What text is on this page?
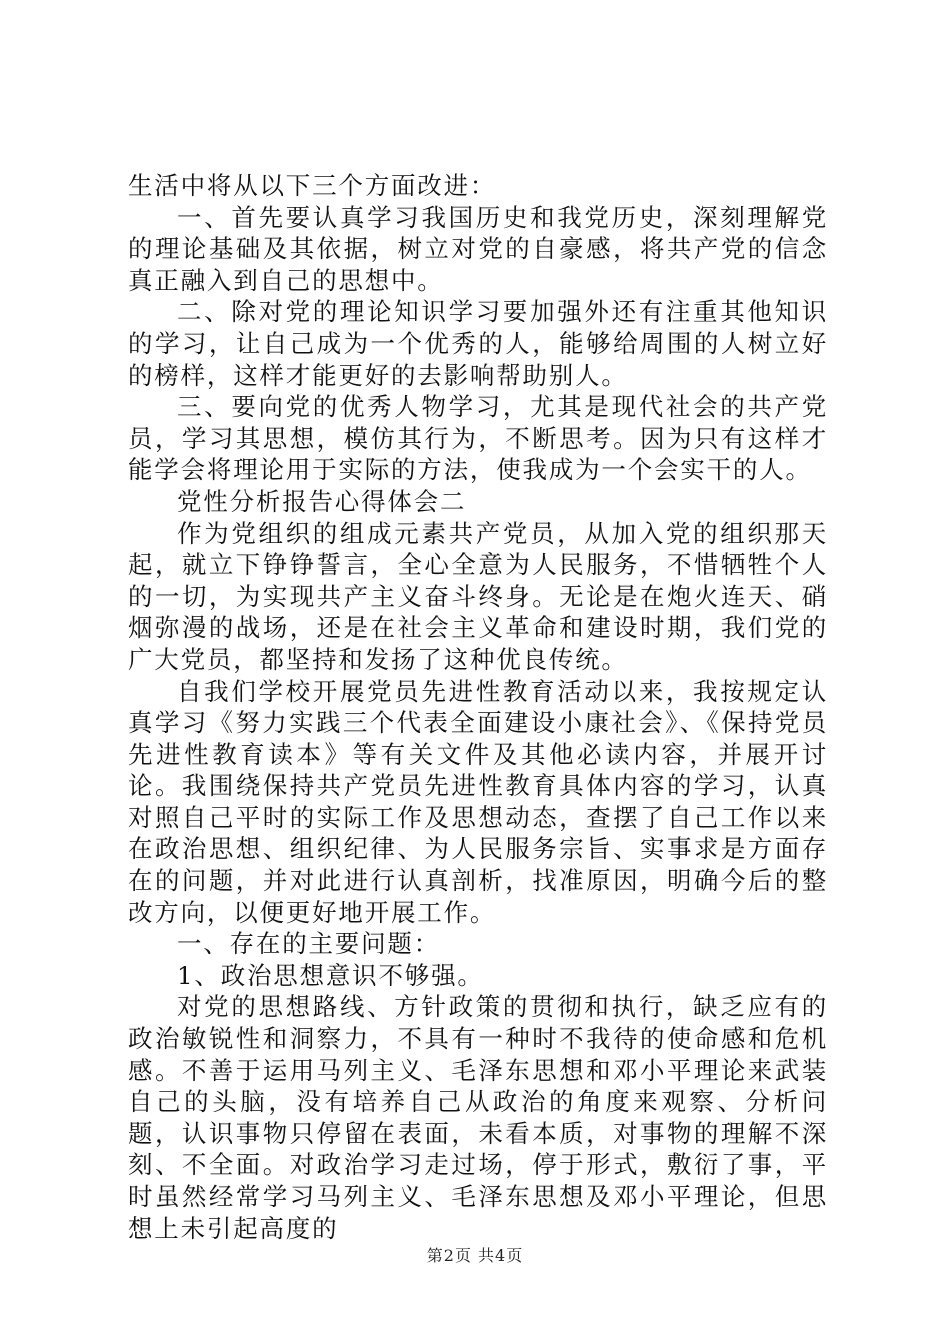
生活中将从以下三个方面改进：

一、首先要认真学习我国历史和我党历史，深刻理解党的理论基础及其依据，树立对党的自豪感，将共产党的信念真正融入到自己的思想中。

二、除对党的理论知识学习要加强外还有注重其他知识的学习，让自己成为一个优秀的人，能够给周围的人树立好的榜样，这样才能更好的去影响帮助别人。

三、要向党的优秀人物学习，尤其是现代社会的共产党员，学习其思想，模仿其行为，不断思考。因为只有这样才能学会将理论用于实际的方法，使我成为一个会实干的人。

党性分析报告心得体会二

作为党组织的组成元素共产党员，从加入党的组织那天起，就立下铮铮誓言，全心全意为人民服务，不惜牺牲个人的一切，为实现共产主义奋斗终身。无论是在炮火连天、硝烟弥漫的战场，还是在社会主义革命和建设时期，我们党的广大党员，都坚持和发扬了这种优良传统。

自我们学校开展党员先进性教育活动以来，我按规定认真学习《努力实践三个代表全面建设小康社会》、《保持党员先进性教育读本》等有关文件及其他必读内容，并展开讨论。我围绕保持共产党员先进性教育具体内容的学习，认真对照自己平时的实际工作及思想动态，查摆了自己工作以来在政治思想、组织纪律、为人民服务宗旨、实事求是方面存在的问题，并对此进行认真剖析，找准原因，明确今后的整改方向，以便更好地开展工作。

一、存在的主要问题：

1、政治思想意识不够强。

对党的思想路线、方针政策的贯彻和执行，缺乏应有的政治敏锐性和洞察力，不具有一种时不我待的使命感和危机感。不善于运用马列主义、毛泽东思想和邓小平理论来武装自己的头脑，没有培养自己从政治的角度来观察、分析问题，认识事物只停留在表面，未看本质，对事物的理解不深刻、不全面。对政治学习走过场，停于形式，敷衍了事，平时虽然经常学习马列主义、毛泽东思想及邓小平理论，但思想上未引起高度的

第2页 共4页
